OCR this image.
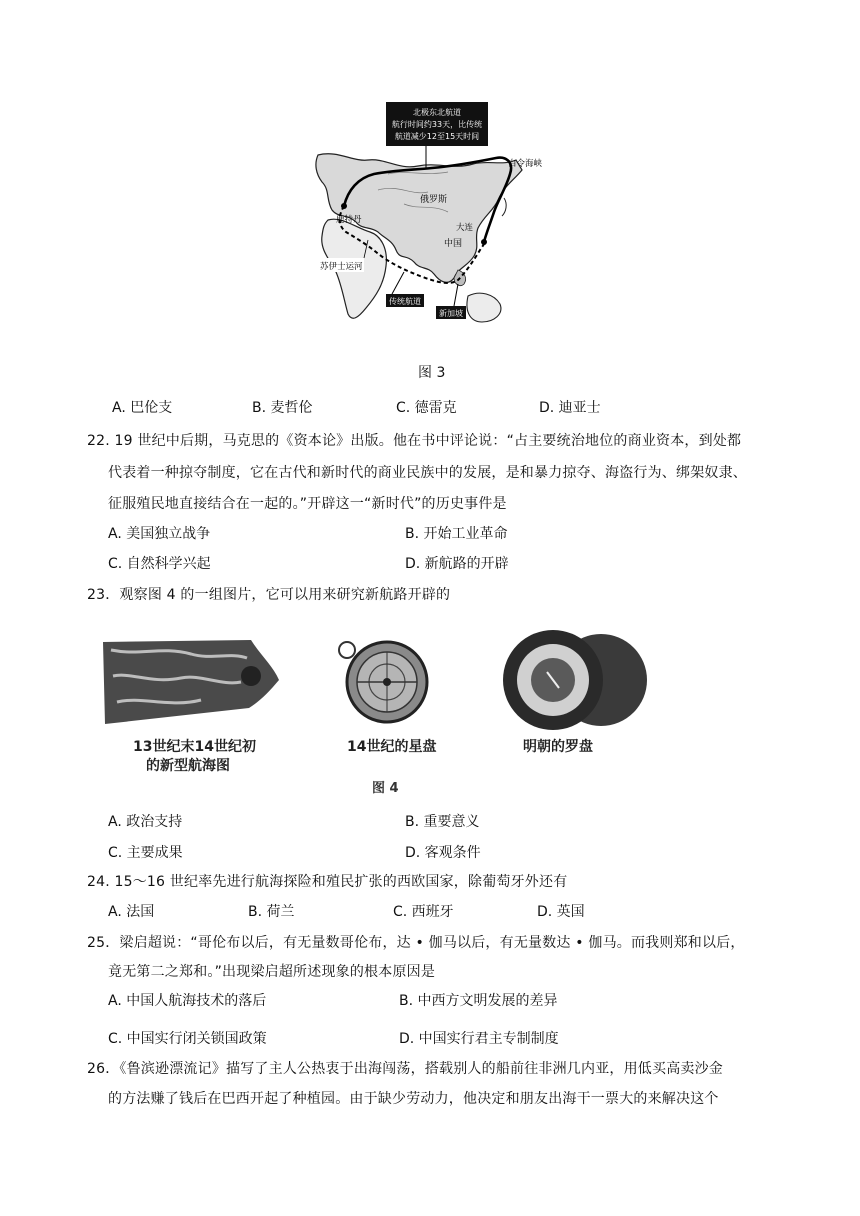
北极东北航道
航行时间约33天，比传统
航道减少12至15天时间
白令海峡
俄罗斯
鹿特丹
大连
中国
苏伊士运河
传统航道
新加坡
图 3
A. 巴伦支	B. 麦哲伦	C. 德雷克	D. 迪亚士
22. 19 世纪中后期，马克思的《资本论》出版。他在书中评论说：“占主要统治地位的商业资本，到处都
代表着一种掠夺制度，它在古代和新时代的商业民族中的发展，是和暴力掠夺、海盗行为、绑架奴隶、
征服殖民地直接结合在一起的。”开辟这一“新时代”的历史事件是
A. 美国独立战争	B. 开始工业革命
C. 自然科学兴起	D. 新航路的开辟
23．观察图 4 的一组图片，它可以用来研究新航路开辟的
13世纪末14世纪初
的新型航海图
14世纪的星盘	明朝的罗盘
图 4
A. 政治支持	B. 重要意义
C. 主要成果	D. 客观条件
24. 15～16 世纪率先进行航海探险和殖民扩张的西欧国家，除葡萄牙外还有
A. 法国	B. 荷兰	C. 西班牙	D. 英国
25．梁启超说：“哥伦布以后，有无量数哥伦布，达 • 伽马以后，有无量数达 • 伽马。而我则郑和以后，
竟无第二之郑和。”出现梁启超所述现象的根本原因是
A. 中国人航海技术的落后	B. 中西方文明发展的差异
C. 中国实行闭关锁国政策	D. 中国实行君主专制制度
26．《鲁滨逊漂流记》描写了主人公热衷于出海闯荡，搭载别人的船前往非洲几内亚，用低买高卖沙金
的方法赚了钱后在巴西开起了种植园。由于缺少劳动力，他决定和朋友出海干一票大的来解决这个
